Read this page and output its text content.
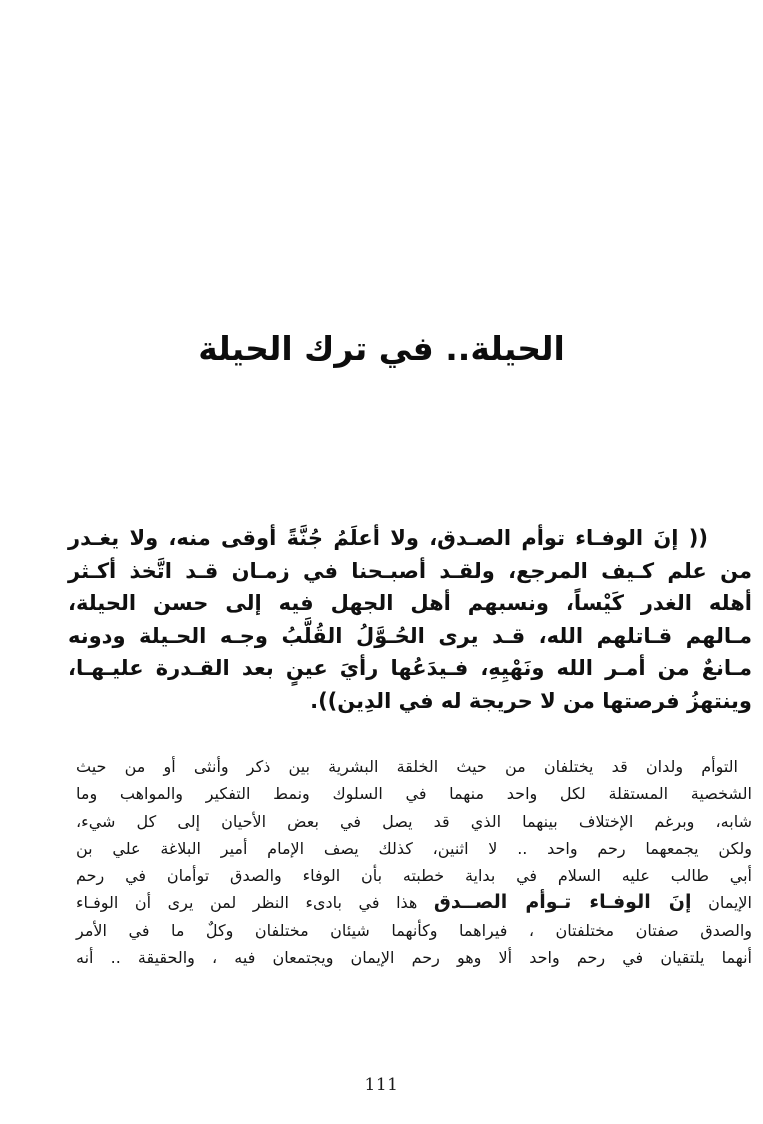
الحيلة.. في ترك الحيلة
(( إنَ الوفـاء توأم الصـدق، ولا أعلَمُ جُنَّةً أوقى منه، ولا يغـدر
من علم كـيف المرجع، ولقـد أصبـحنا في زمـان قـد اتَّخذ أكـثر
أهله الغدر كَيْساً، ونسبهم أهل الجهل فيه إلى حسن الحيلة،
مـالهم قـاتلهم الله، قـد يرى الحُـوَّلُ القُلَّبُ وجـه الحـيلة ودونه
مـانعٌ من أمـر الله ونَهْيِهِ، فـيدَعُها رأيَ عينٍ بعد القـدرة عليـهـا،
وينتهزُ فرصتها من لا حريجة له في الدِين)).
التوأم ولدان قد يختلفان من حيث الخلقة البشرية بين ذكر وأنثى أو من حيث
الشخصية المستقلة لكل واحد منهما في السلوك ونمط التفكير والمواهب وما
شابه، وبرغم الإختلاف بينهما الذي قد يصل في بعض الأحيان إلى كل شيء،
ولكن يجمعهما رحم واحد .. لا اثنين، كذلك يصف الإمام أمير البلاغة علي بن
أبي طالب عليه السلام في بداية خطبته بأن الوفاء والصدق توأمان في رحم
الإيمان إنَ الوفـاء تـوأم الصــدق هذا في بادىء النظر لمن يرى أن الوفـاء
والصدق صفتان مختلفتان ، فيراهما وكأنهما شيئان مختلفان وكلٌ ما في الأمر
أنهما يلتقيان في رحم واحد ألا وهو رحم الإيمان ويجتمعان فيه ، والحقيقة .. أنه
111
